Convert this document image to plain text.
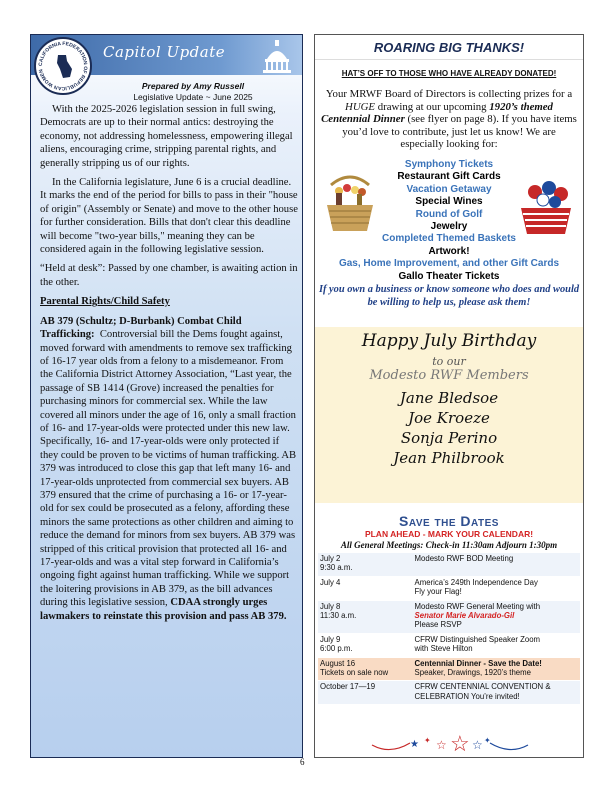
CALIFORNIA FEDERATION OF REPUBLICAN WOMEN
Capitol Update
Prepared by Amy Russell
Legislative Update ~ June 2025

With the 2025-2026 legislation session in full swing, Democrats are up to their normal antics: destroying the economy, not addressing homelessness, empowering illegal aliens, encouraging crime, stripping parental rights, and generally stripping us of our rights.

In the California legislature, June 6 is a crucial deadline. It marks the end of the period for bills to pass in their "house of origin" (Assembly or Senate) and move to the other house for further consideration. Bills that don't clear this deadline will become "two-year bills," meaning they can be considered again in the following legislative session.

“Held at desk”: Passed by one chamber, is awaiting action in the other.

Parental Rights/Child Safety

AB 379 (Schultz; D-Burbank) Combat Child Trafficking: Controversial bill the Dems fought against, moved forward with amendments to remove sex trafficking of 16-17 year olds from a felony to a misdemeanor. From the California District Attorney Association, “Last year, the passage of SB 1414 (Grove) increased the penalties for purchasing minors for commercial sex. While the law covered all minors under the age of 16, only a small fraction of 16- and 17-year-olds were protected under this new law. Specifically, 16- and 17-year-olds were only protected if they could be proven to be victims of human trafficking. AB 379 was introduced to close this gap that left many 16- and 17-year-olds unprotected from commercial sex buyers. AB 379 ensured that the crime of purchasing a 16- or 17-year-old for sex could be prosecuted as a felony, affording these minors the same protections as other children and aiming to reduce the demand for minors from sex buyers. AB 379 was stripped of this critical provision that protected all 16- and 17-year-olds and was a vital step forward in California’s ongoing fight against human trafficking. While we support the loitering provisions in AB 379, as the bill advances during this legislative session, CDAA strongly urges lawmakers to reinstate this provision and pass AB 379.

ROARING BIG THANKS!
HAT’S OFF TO THOSE WHO HAVE ALREADY DONATED!
Your MRWF Board of Directors is collecting prizes for a HUGE drawing at our upcoming 1920’s themed Centennial Dinner (see flyer on page 8). If you have items you’d love to contribute, just let us know! We are especially looking for:
Symphony Tickets
Restaurant Gift Cards
Vacation Getaway
Special Wines
Round of Golf
Jewelry
Completed Themed Baskets
Artwork!
Gas, Home Improvement, and other Gift Cards
Gallo Theater Tickets
If you own a business or know someone who does and would be willing to help us, please ask them!
Happy July Birthday
to our
Modesto RWF Members
Jane Bledsoe
Joe Kroeze
Sonja Perino
Jean Philbrook
Save the Dates
PLAN AHEAD - MARK YOUR CALENDAR!
All General Meetings: Check-in 11:30am Adjourn 1:30pm
July 2
9:30 a.m.	Modesto RWF BOD Meeting
July 4	America’s 249th Independence Day
Fly your Flag!
July 8
11:30 a.m.	Modesto RWF General Meeting with
Senator Marie Alvarado-Gil
Please RSVP
July 9
6:00 p.m.	CFRW Distinguished Speaker Zoom
with Steve Hilton
August 16
Tickets on sale now	Centennial Dinner - Save the Date!
Speaker, Drawings, 1920’s theme
October 17—19	CFRW CENTENNIAL CONVENTION &
CELEBRATION You’re invited!
★ ✦ ☆ ☆ ☆ ✦
6
